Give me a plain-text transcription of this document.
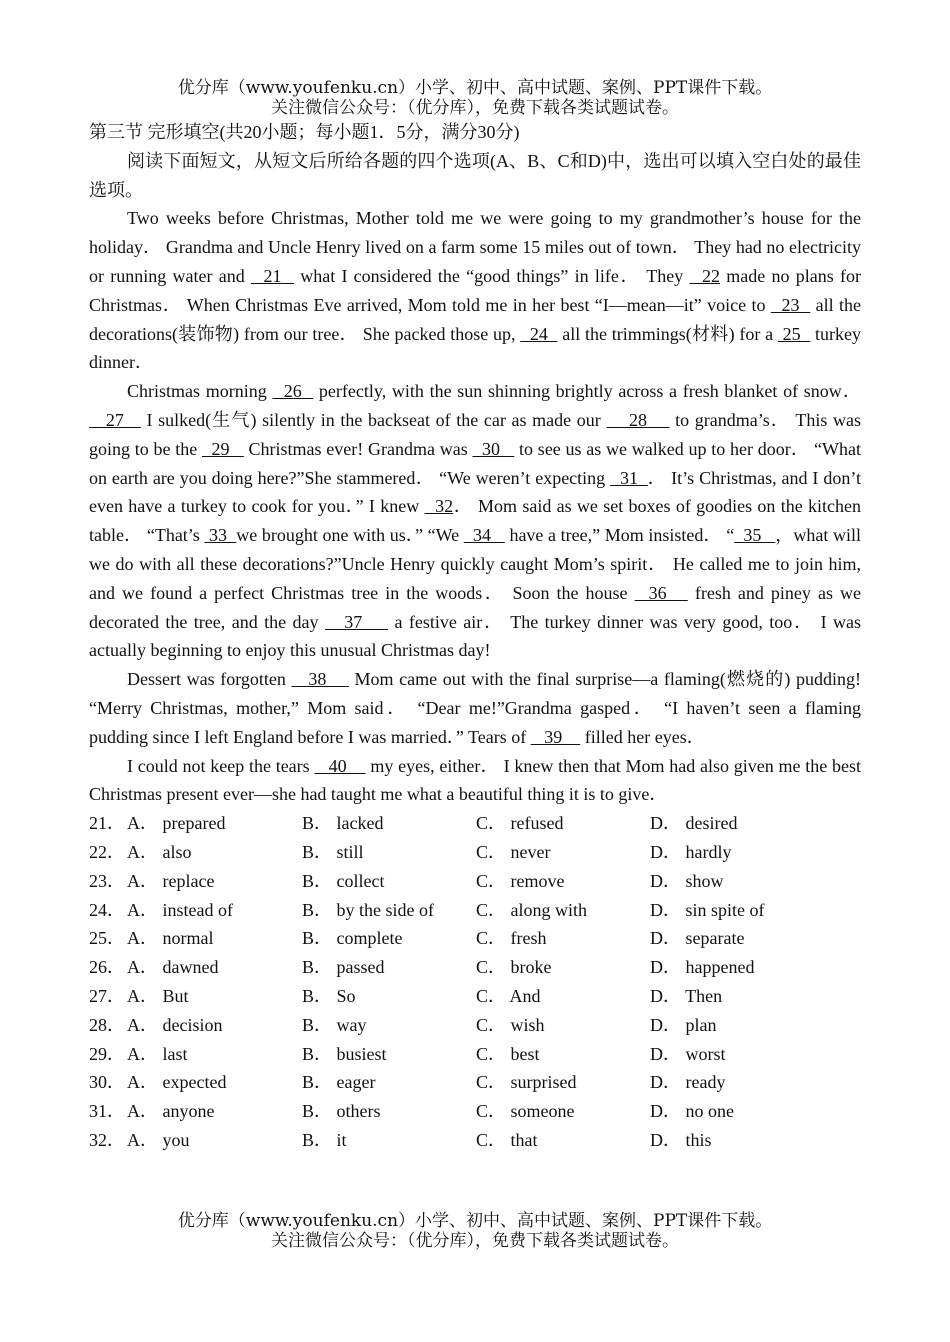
优分库（www.youfenku.cn）小学、初中、高中试题、案例、PPT课件下载。
关注微信公众号：（优分库），免费下载各类试题试卷。

第三节 完形填空(共20小题；每小题1．5分，满分30分)

阅读下面短文，从短文后所给各题的四个选项(A、B、C和D)中，选出可以填入空白处的最佳选项。

Two weeks before Christmas, Mother told me we were going to my grandmother’s house for the holiday． Grandma and Uncle Henry lived on a farm some 15 miles out of town． They had no electricity or running water and   21   what I considered the “good things” in life． They   22 made no plans for Christmas． When Christmas Eve arrived, Mom told me in her best “I—mean—it” voice to   23   all the decorations(装饰物) from our tree． She packed those up,   24   all the trimmings(材料) for a  25   turkey dinner．

Christmas morning   26   perfectly, with the sun shinning brightly across a fresh blanket of snow．    27    I sulked(生气) silently in the backseat of the car as made our     28     to grandma’s． This was going to be the   29    Christmas ever! Grandma was   30    to see us as we walked up to her door． “What on earth are you doing here?”She stammered． “We weren’t expecting   31  ． It’s Christmas, and I don’t even have a turkey to cook for you．” I knew   32． Mom said as we set boxes of goodies on the kitchen table． “That’s  33  we brought one with us．” “We   34    have a tree,” Mom insisted． “  35   ，what will we do with all these decorations?”Uncle Henry quickly caught Mom’s spirit． He called me to join him, and we found a perfect Christmas tree in the woods． Soon the house   36    fresh and piney as we decorated the tree, and the day    37     a festive air． The turkey dinner was very good, too． I was actually beginning to enjoy this unusual Christmas day!

Dessert was forgotten    38     Mom came out with the final surprise—a flaming(燃烧的) pudding! “Merry Christmas, mother,” Mom said． “Dear me!”Grandma gasped． “I haven’t seen a flaming pudding since I left England before I was married．” Tears of    39     filled her eyes．

I could not keep the tears    40     my eyes, either． I knew then that Mom had also given me the best Christmas present ever—she had taught me what a beautiful thing it is to give．

21． A． prepared	B． lacked	C． refused	D． desired
22． A． also	B． still	C． never	D． hardly
23． A． replace	B． collect	C． remove	D． show
24． A． instead of	B． by the side of	C． along with	D． sin spite of
25． A． normal	B． complete	C． fresh	D． separate
26． A． dawned	B． passed	C． broke	D． happened
27． A． But	B． So	C． And	D． Then
28． A． decision	B． way	C． wish	D． plan
29． A． last	B． busiest	C． best	D． worst
30． A． expected	B． eager	C． surprised	D． ready
31． A． anyone	B． others	C． someone	D． no one
32． A． you	B． it	C． that	D． this
优分库（www.youfenku.cn）小学、初中、高中试题、案例、PPT课件下载。
关注微信公众号：（优分库），免费下载各类试题试卷。
